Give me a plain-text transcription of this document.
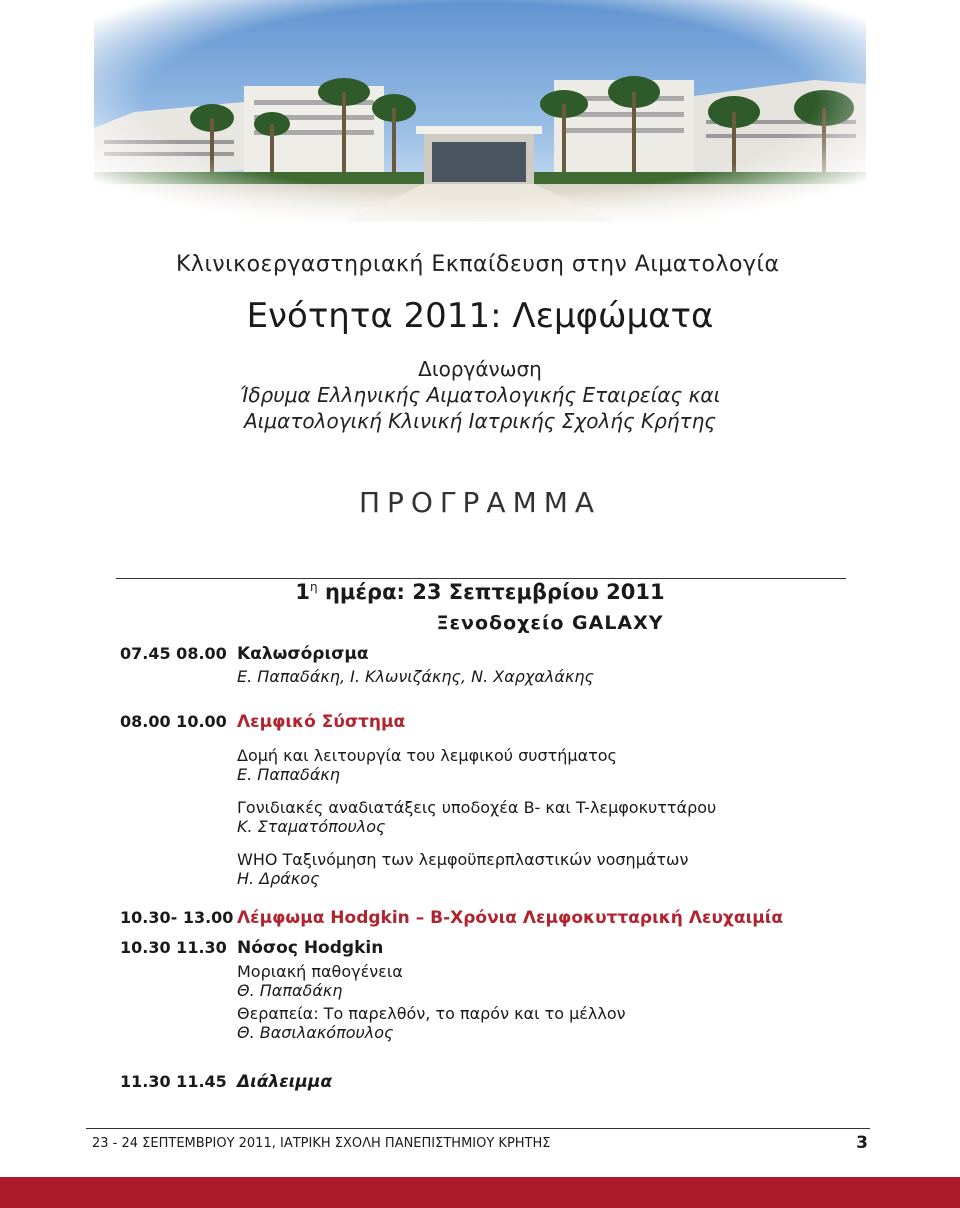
Κλινικοεργαστηριακή Εκπαίδευση στην Αιματολογία
Ενότητα 2011: Λεμφώματα
Διοργάνωση
Ίδρυμα Ελληνικής Αιματολογικής Εταιρείας και
Αιματολογική Κλινική Ιατρικής Σχολής Κρήτης
ΠΡΟΓΡΑΜΜΑ
$1^\eta$ ημέρα: 23 Σεπτεμβρίου 2011
Ξενοδοχείο GALAXY
07.45 08.00 Καλωσόρισμα
Ε. Παπαδάκη, Ι. Κλωνιζάκης, Ν. Χαρχαλάκης
08.00 10.00 Λεμφικό Σύστημα
Δομή και λειτουργία του λεμφικού συστήματος
Ε. Παπαδάκη
Γονιδιακές αναδιατάξεις υποδοχέα B- και T-λεμφοκυττάρου
Κ. Σταματόπουλος
WHO Ταξινόμηση των λεμφοϋπερπλαστικών νοσημάτων
Η. Δράκος
10.30- 13.00 Λέμφωμα Hodgkin – B-Χρόνια Λεμφοκυτταρική Λευχαιμία
10.30 11.30 Νόσος Hodgkin
Μοριακή παθογένεια
Θ. Παπαδάκη
Θεραπεία: Το παρελθόν, το παρόν και το μέλλον
Θ. Βασιλακόπουλος
11.30 11.45 Διάλειμμα
23 - 24 ΣΕΠΤΕΜΒΡΙΟΥ 2011, ΙΑΤΡΙΚΗ ΣΧΟΛΗ ΠΑΝΕΠΙΣΤΗΜΙΟΥ ΚΡΗΤΗΣ	3
